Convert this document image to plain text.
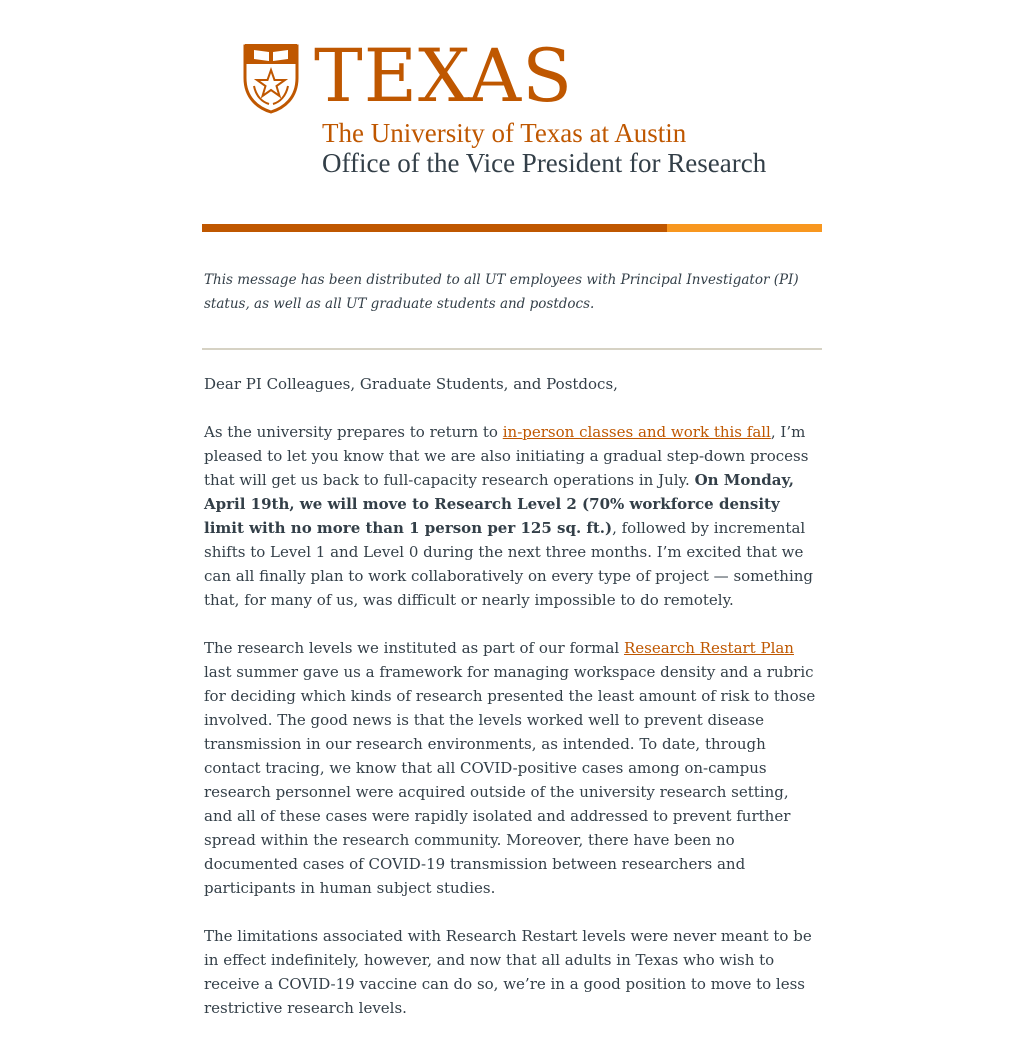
TEXAS
The University of Texas at Austin
Office of the Vice President for Research
This message has been distributed to all UT employees with Principal Investigator (PI) status, as well as all UT graduate students and postdocs.

Dear PI Colleagues, Graduate Students, and Postdocs,

As the university prepares to return to in-person classes and work this fall, I’m pleased to let you know that we are also initiating a gradual step-down process that will get us back to full-capacity research operations in July. On Monday, April 19th, we will move to Research Level 2 (70% workforce density limit with no more than 1 person per 125 sq. ft.), followed by incremental shifts to Level 1 and Level 0 during the next three months. I’m excited that we can all finally plan to work collaboratively on every type of project — something that, for many of us, was difficult or nearly impossible to do remotely.

The research levels we instituted as part of our formal Research Restart Plan last summer gave us a framework for managing workspace density and a rubric for deciding which kinds of research presented the least amount of risk to those involved. The good news is that the levels worked well to prevent disease transmission in our research environments, as intended. To date, through contact tracing, we know that all COVID-positive cases among on-campus research personnel were acquired outside of the university research setting, and all of these cases were rapidly isolated and addressed to prevent further spread within the research community. Moreover, there have been no documented cases of COVID-19 transmission between researchers and participants in human subject studies.

The limitations associated with Research Restart levels were never meant to be in effect indefinitely, however, and now that all adults in Texas who wish to receive a COVID-19 vaccine can do so, we’re in a good position to move to less restrictive research levels.
